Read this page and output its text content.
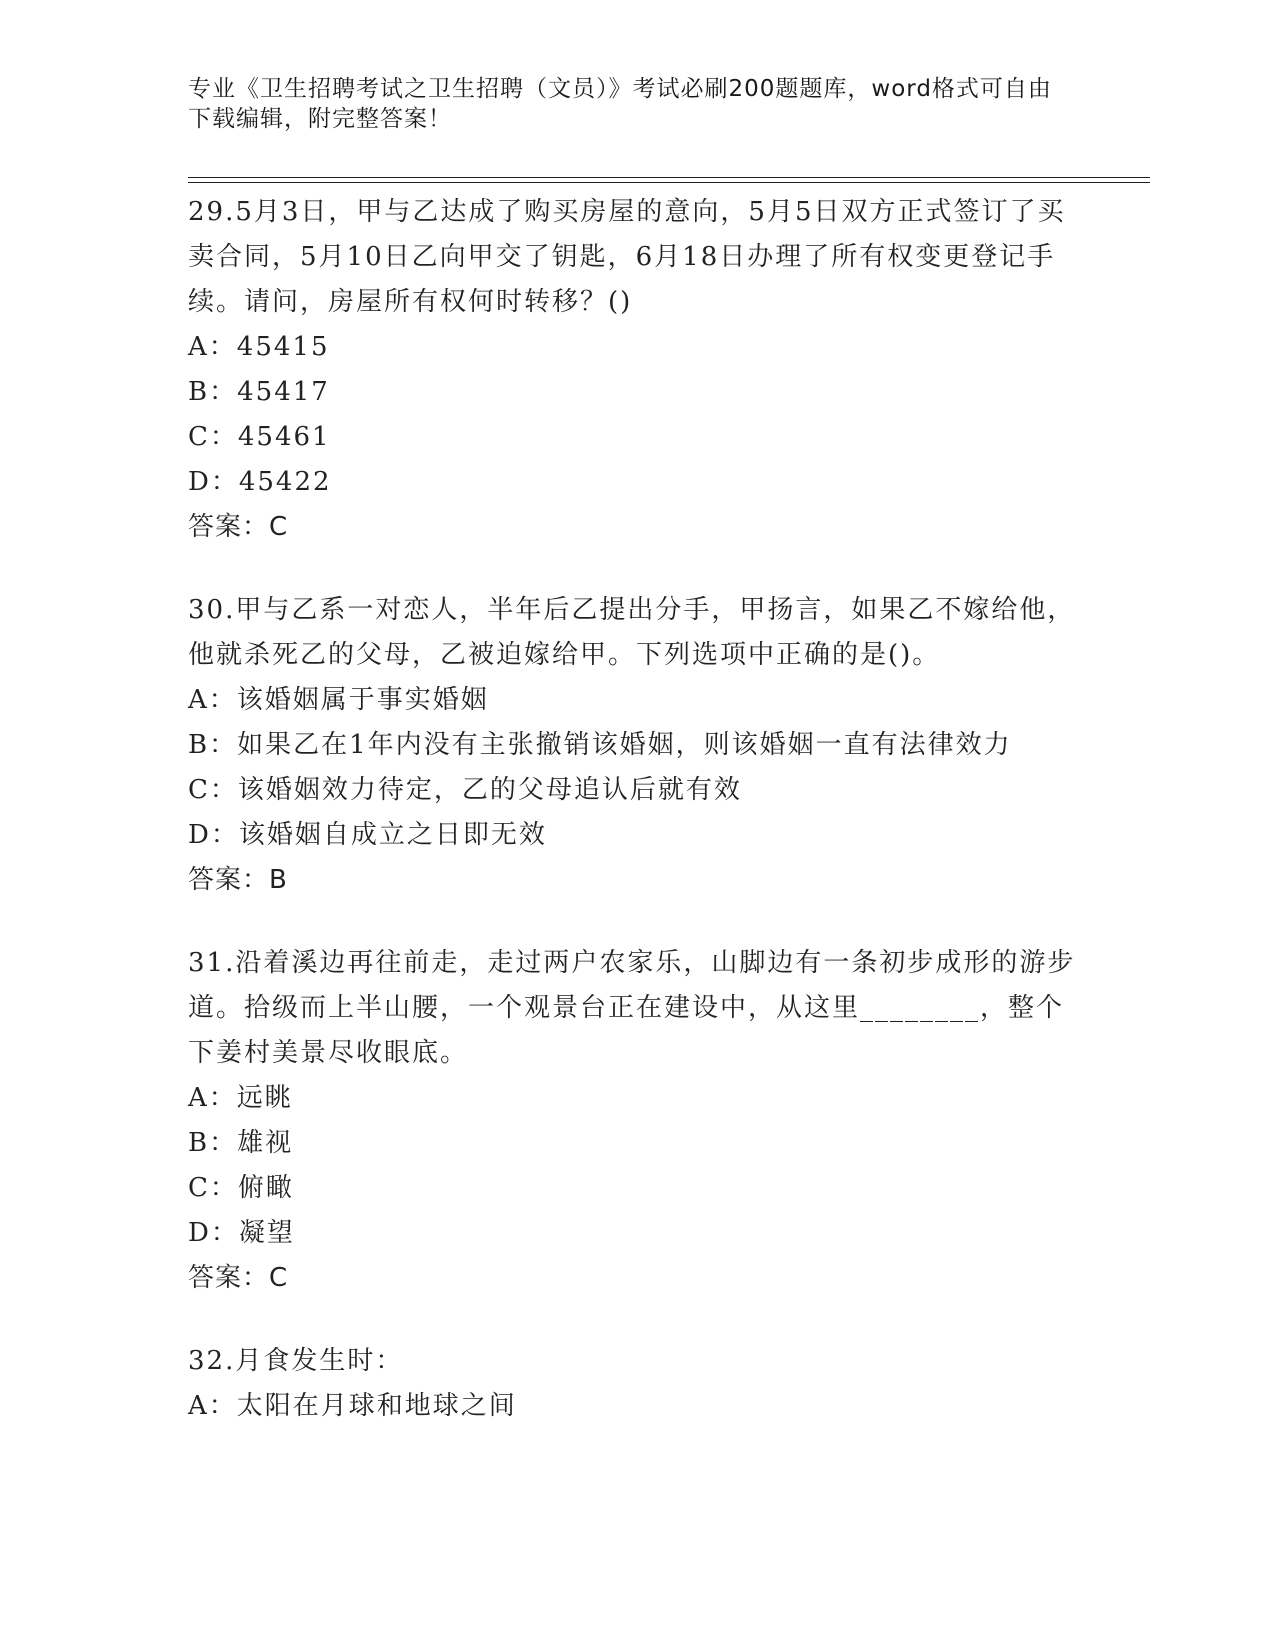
专业《卫生招聘考试之卫生招聘（文员）》考试必刷200题题库，word格式可自由下载编辑，附完整答案！

29.5月3日，甲与乙达成了购买房屋的意向，5月5日双方正式签订了买卖合同，5月10日乙向甲交了钥匙，6月18日办理了所有权变更登记手续。请问，房屋所有权何时转移？()

A：45415

B：45417

C：45461

D：45422

答案：C

30.甲与乙系一对恋人，半年后乙提出分手，甲扬言，如果乙不嫁给他，他就杀死乙的父母，乙被迫嫁给甲。下列选项中正确的是()。

A：该婚姻属于事实婚姻

B：如果乙在1年内没有主张撤销该婚姻，则该婚姻一直有法律效力

C：该婚姻效力待定，乙的父母追认后就有效

D：该婚姻自成立之日即无效

答案：B

31.沿着溪边再往前走，走过两户农家乐，山脚边有一条初步成形的游步道。拾级而上半山腰，一个观景台正在建设中，从这里________，整个下姜村美景尽收眼底。

A：远眺

B：雄视

C：俯瞰

D：凝望

答案：C

32.月食发生时：

A：太阳在月球和地球之间
